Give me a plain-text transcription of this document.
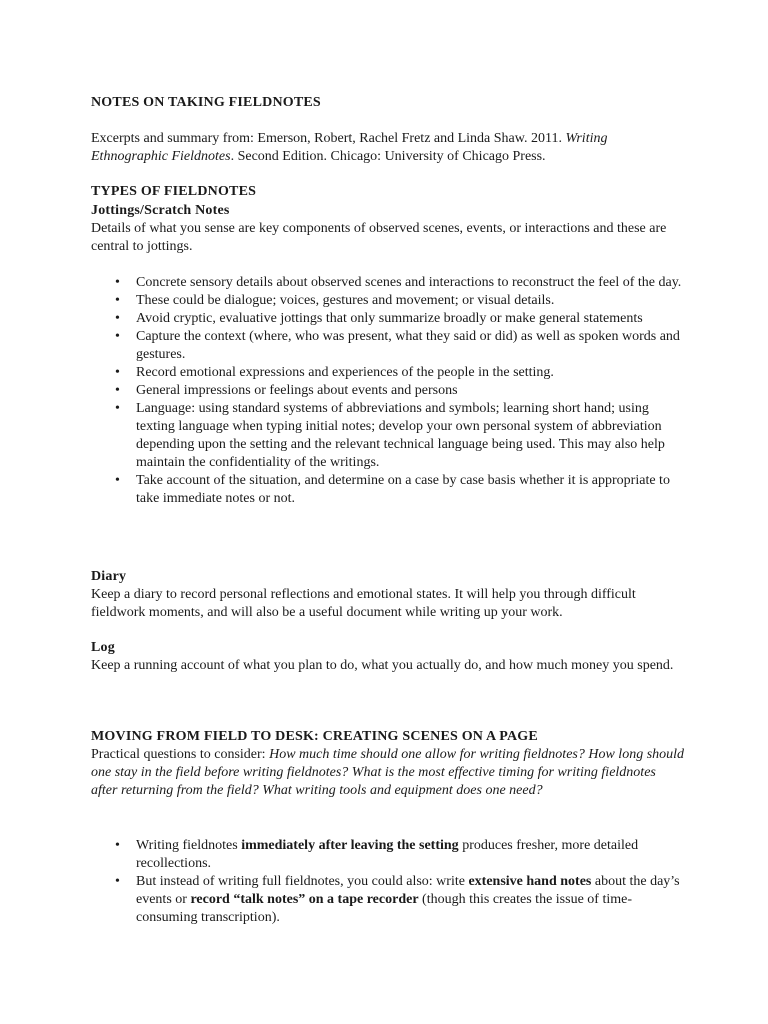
NOTES ON TAKING FIELDNOTES

Excerpts and summary from: Emerson, Robert, Rachel Fretz and Linda Shaw. 2011. Writing Ethnographic Fieldnotes. Second Edition. Chicago: University of Chicago Press.

TYPES OF FIELDNOTES
Jottings/Scratch Notes

Details of what you sense are key components of observed scenes, events, or interactions and these are central to jottings.

• Concrete sensory details about observed scenes and interactions to reconstruct the feel of the day.
• These could be dialogue; voices, gestures and movement; or visual details.
• Avoid cryptic, evaluative jottings that only summarize broadly or make general statements
• Capture the context (where, who was present, what they said or did) as well as spoken words and gestures.
• Record emotional expressions and experiences of the people in the setting.
• General impressions or feelings about events and persons
• Language: using standard systems of abbreviations and symbols; learning short hand; using texting language when typing initial notes; develop your own personal system of abbreviation depending upon the setting and the relevant technical language being used. This may also help maintain the confidentiality of the writings.
• Take account of the situation, and determine on a case by case basis whether it is appropriate to take immediate notes or not.
Diary

Keep a diary to record personal reflections and emotional states. It will help you through difficult fieldwork moments, and will also be a useful document while writing up your work.

Log

Keep a running account of what you plan to do, what you actually do, and how much money you spend.

MOVING FROM FIELD TO DESK: CREATING SCENES ON A PAGE

Practical questions to consider: How much time should one allow for writing fieldnotes? How long should one stay in the field before writing fieldnotes? What is the most effective timing for writing fieldnotes after returning from the field? What writing tools and equipment does one need?

• Writing fieldnotes immediately after leaving the setting produces fresher, more detailed recollections.
• But instead of writing full fieldnotes, you could also: write extensive hand notes about the day’s events or record “talk notes” on a tape recorder (though this creates the issue of time-consuming transcription).
